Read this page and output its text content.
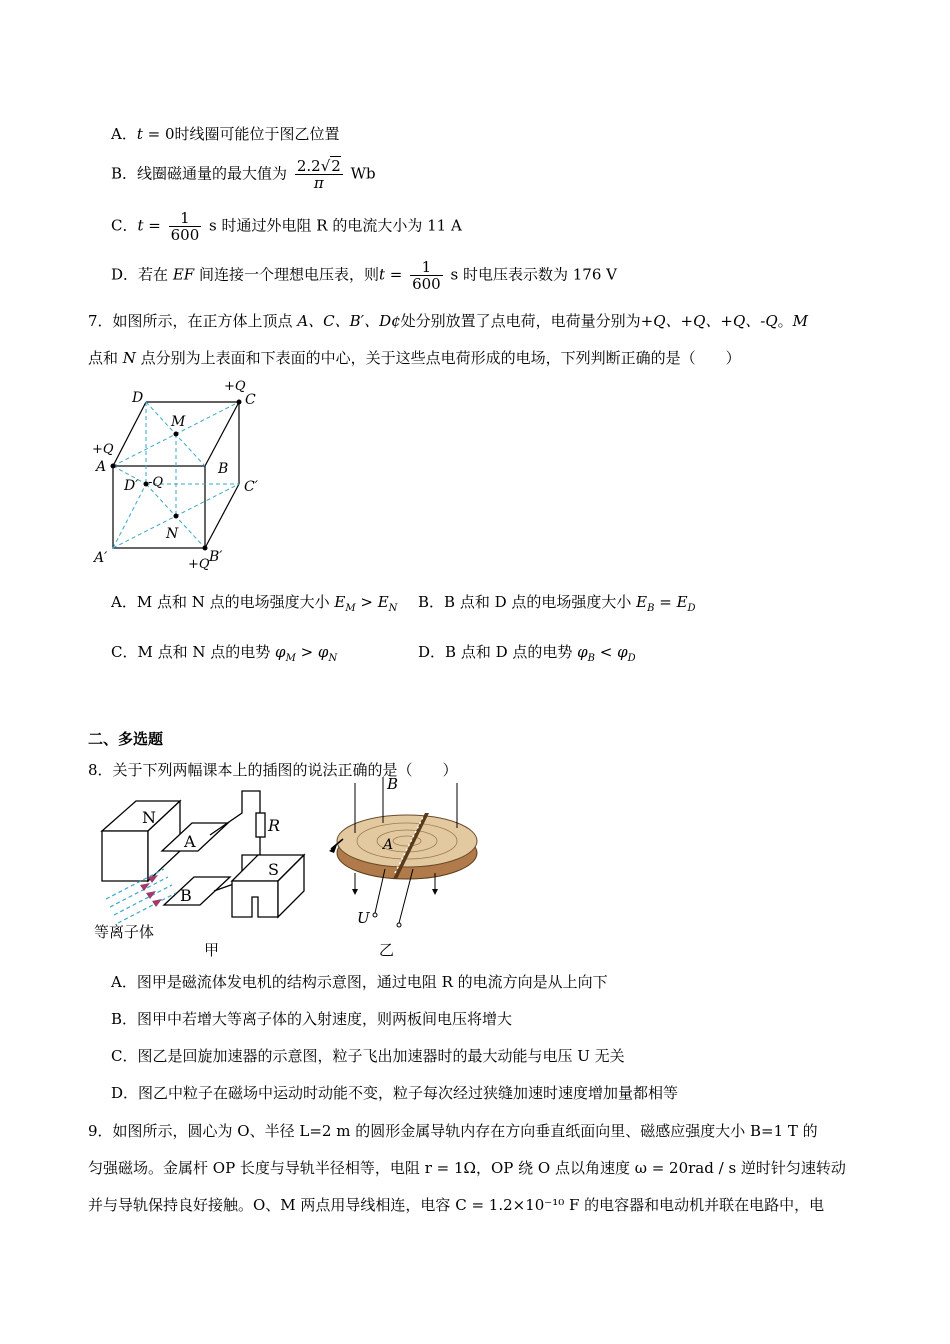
A．t = 0时线圈可能位于图乙位置
B．线圈磁通量的最大值为 $\frac{2.2√2}{\pi}$ Wb
C．$t = \frac{1}{600}$ s 时通过外电阻 R 的电流大小为 11 A
D．若在 EF 间连接一个理想电压表，则$t = \frac{1}{600}$ s 时电压表示数为 176 V
7．如图所示，在正方体上顶点 A、C、B′、D¢处分别放置了点电荷，电荷量分别为+Q、+Q、+Q、-Q。M
点和 N 点分别为上表面和下表面的中心，关于这些点电荷形成的电场，下列判断正确的是（　　）
D	C
+Q
M
+Q
A	B
D′ -Q	C′
N
A′	B′
+Q
A．M 点和 N 点的电场强度大小 $E_M > E_N$ B．B 点和 D 点的电场强度大小 $E_B = E_D$
C．M 点和 N 点的电势 $\varphi_M > \varphi_N$	D．B 点和 D 点的电势 $\varphi_B < \varphi_D$
二、多选题
8．关于下列两幅课本上的插图的说法正确的是（　　）
N
A
B
R
S
等离子体
甲
B
A
U
乙
A．图甲是磁流体发电机的结构示意图，通过电阻 R 的电流方向是从上向下
B．图甲中若增大等离子体的入射速度，则两板间电压将增大
C．图乙是回旋加速器的示意图，粒子飞出加速器时的最大动能与电压 U 无关
D．图乙中粒子在磁场中运动时动能不变，粒子每次经过狭缝加速时速度增加量都相等
9．如图所示，圆心为 O、半径 L=2 m 的圆形金属导轨内存在方向垂直纸面向里、磁感应强度大小 B=1 T 的
匀强磁场。金属杆 OP 长度与导轨半径相等，电阻 r = 1Ω，OP 绕 O 点以角速度 ω = 20rad / s 逆时针匀速转动
并与导轨保持良好接触。O、M 两点用导线相连，电容 C = 1.2×10⁻¹⁰ F 的电容器和电动机并联在电路中，电
